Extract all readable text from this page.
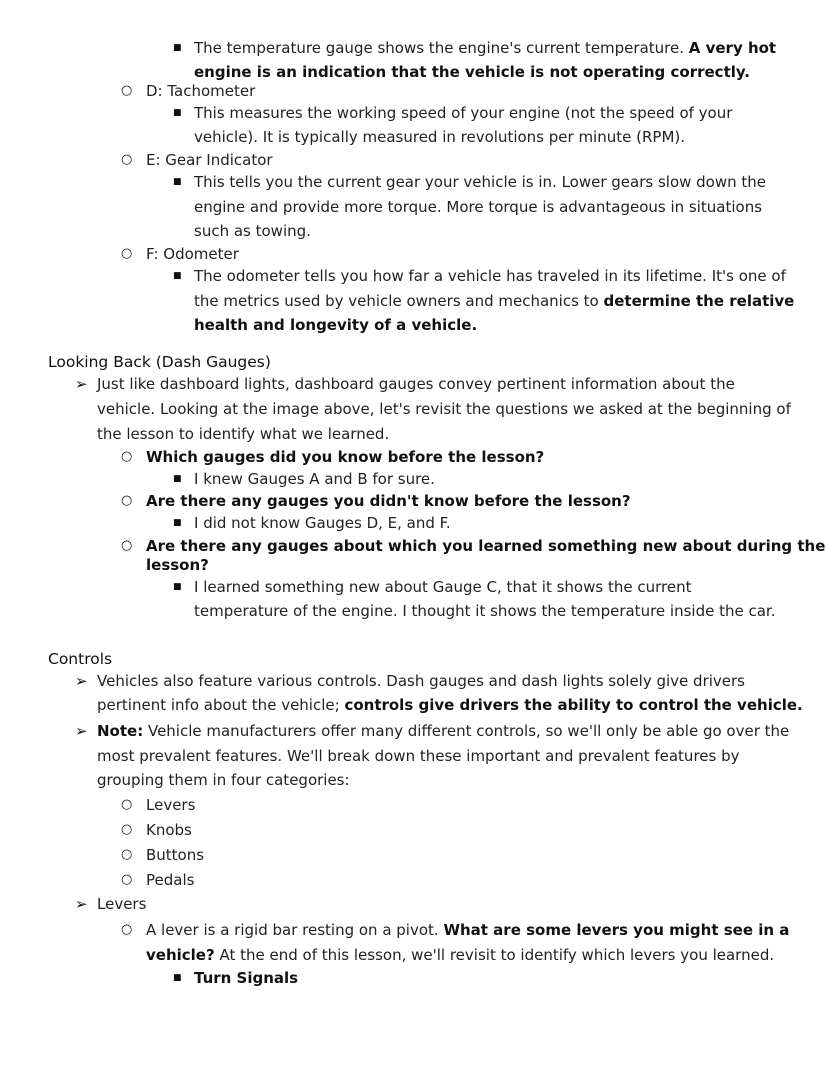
■ The temperature gauge shows the engine's current temperature. A very hot
engine is an indication that the vehicle is not operating correctly.
○ D: Tachometer
■ This measures the working speed of your engine (not the speed of your
vehicle). It is typically measured in revolutions per minute (RPM).
○ E: Gear Indicator
■ This tells you the current gear your vehicle is in. Lower gears slow down the
engine and provide more torque. More torque is advantageous in situations
such as towing.
○ F: Odometer
■ The odometer tells you how far a vehicle has traveled in its lifetime. It's one of
the metrics used by vehicle owners and mechanics to determine the relative
health and longevity of a vehicle.
Looking Back (Dash Gauges)
➢ Just like dashboard lights, dashboard gauges convey pertinent information about the
vehicle. Looking at the image above, let's revisit the questions we asked at the beginning of
the lesson to identify what we learned.
○ Which gauges did you know before the lesson?
■ I knew Gauges A and B for sure.
○ Are there any gauges you didn't know before the lesson?
■ I did not know Gauges D, E, and F.
○ Are there any gauges about which you learned something new about during the
lesson?
■ I learned something new about Gauge C, that it shows the current
temperature of the engine. I thought it shows the temperature inside the car.
Controls
➢ Vehicles also feature various controls. Dash gauges and dash lights solely give drivers
pertinent info about the vehicle; controls give drivers the ability to control the vehicle.
➢ Note: Vehicle manufacturers offer many different controls, so we'll only be able go over the
most prevalent features. We'll break down these important and prevalent features by
grouping them in four categories:
○ Levers
○ Knobs
○ Buttons
○ Pedals
➢ Levers
○ A lever is a rigid bar resting on a pivot. What are some levers you might see in a
vehicle? At the end of this lesson, we'll revisit to identify which levers you learned.
■ Turn Signals
